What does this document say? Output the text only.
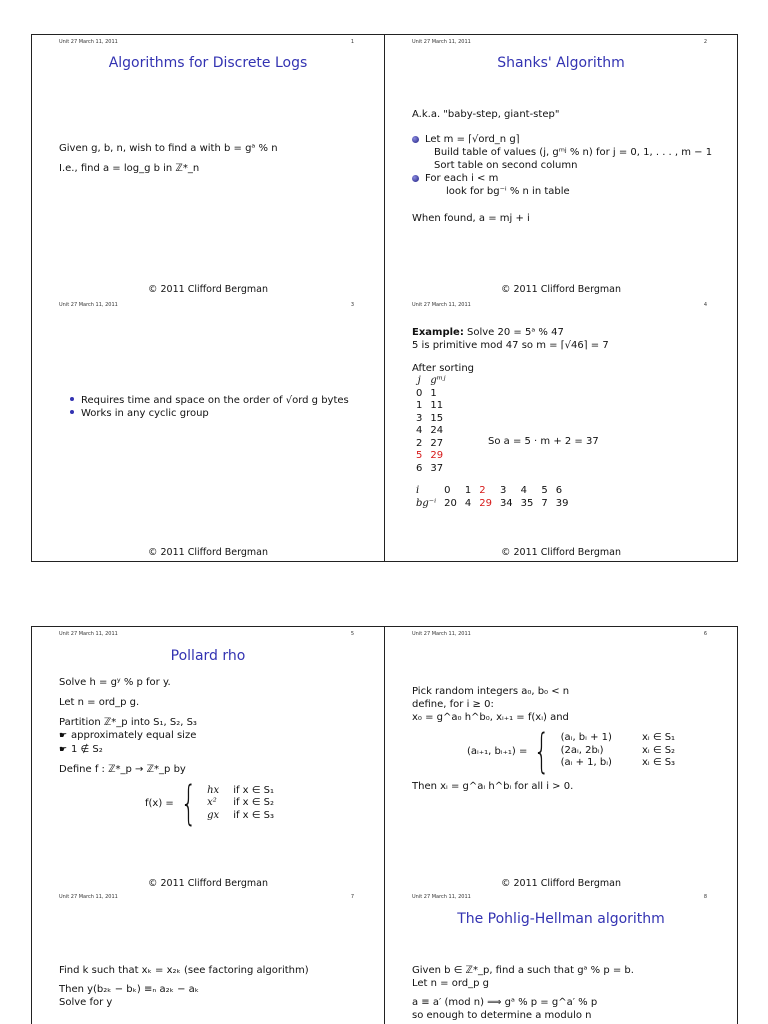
Unit 27 March 11, 2011	1
Algorithms for Discrete Logs

Given g, b, n, wish to find a with b = gᵃ % n

I.e., find a = log_g b in ℤ*_n

© 2011 Clifford Bergman
Unit 27 March 11, 2011	2
Shanks' Algorithm

A.k.a. "baby-step, giant-step"

Let m = ⌈√ord_n g⌉
Build table of values (j, gᵐʲ % n) for j = 0, 1, . . . , m − 1
Sort table on second column
For each i < m
look for bg⁻ⁱ % n in table
When found, a = mj + i
© 2011 Clifford Bergman
Unit 27 March 11, 2011	3
Requires time and space on the order of √ord g bytes
Works in any cyclic group
© 2011 Clifford Bergman
Unit 27 March 11, 2011	4
Example: Solve 20 = 5ᵃ % 47
5 is primitive mod 47 so m = ⌈√46⌉ = 7
After sorting
j	gᵐʲ
0	1
1	11
3	15
4	24
2	27
5	29
6	37
So a = 5 · m + 2 = 37
i	0	1	2	3	4	5	6
bg⁻ⁱ	20	4	29	34	35	7	39
© 2011 Clifford Bergman
Unit 27 March 11, 2011	5
Pollard rho

Solve h = gʸ % p for y.

Let n = ord_p g.

Partition ℤ*_p into S₁, S₂, S₃
☛ approximately equal size
☛ 1 ∉ S₂
Define f : ℤ*_p → ℤ*_p by
f(x) = { hx	if x ∈ S₁
x²	if x ∈ S₂
gx	if x ∈ S₃
© 2011 Clifford Bergman
Unit 27 March 11, 2011	6
Pick random integers a₀, b₀ < n
define, for i ≥ 0:
x₀ = g^a₀ h^b₀, xᵢ₊₁ = f(xᵢ) and
(aᵢ₊₁, bᵢ₊₁) = { (aᵢ, bᵢ + 1)	xᵢ ∈ S₁
(2aᵢ, 2bᵢ)	xᵢ ∈ S₂
(aᵢ + 1, bᵢ)	xᵢ ∈ S₃
Then xᵢ = g^aᵢ h^bᵢ for all i > 0.
© 2011 Clifford Bergman
Unit 27 March 11, 2011	7

Find k such that xₖ = x₂ₖ (see factoring algorithm)

Then y(b₂ₖ − bₖ) ≡ₙ a₂ₖ − aₖ
Solve for y
Unit 27 March 11, 2011	8
The Pohlig-Hellman algorithm
Given b ∈ ℤ*_p, find a such that gᵃ % p = b.
Let n = ord_p g
a ≡ a′ (mod n) ⟹ gᵃ % p = g^a′ % p
so enough to determine a modulo n
